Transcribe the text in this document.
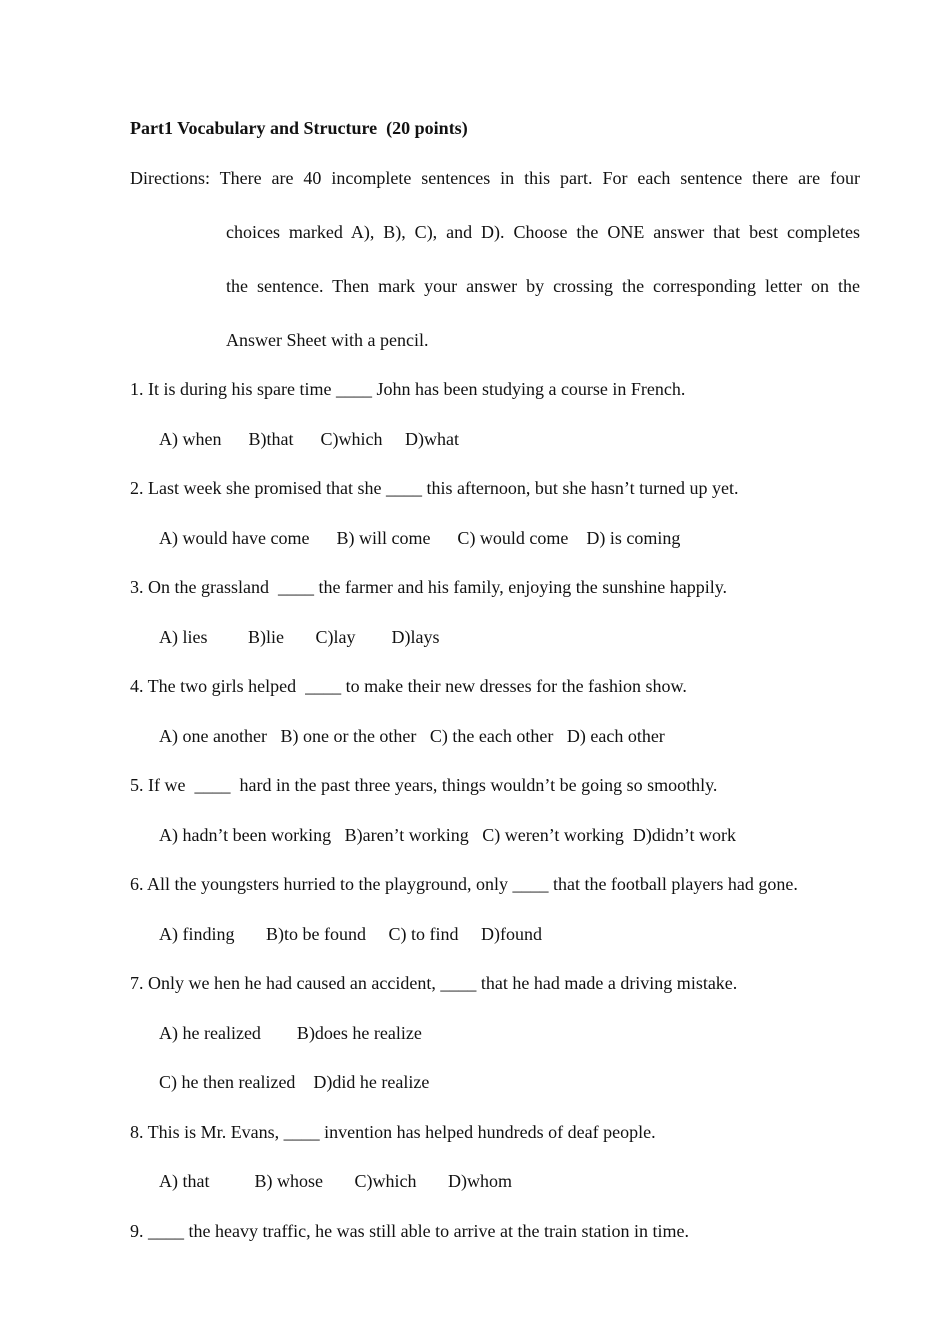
Part1 Vocabulary and Structure  (20 points)
Directions: There are 40 incomplete sentences in this part. For each sentence there are four
choices marked A), B), C), and D). Choose the ONE answer that best completes
the sentence. Then mark your answer by crossing the corresponding letter on the
Answer Sheet with a pencil.
1. It is during his spare time ____ John has been studying a course in French.
A) when      B)that      C)which     D)what
2. Last week she promised that she ____ this afternoon, but she hasn’t turned up yet.
A) would have come      B) will come      C) would come    D) is coming
3. On the grassland  ____ the farmer and his family, enjoying the sunshine happily.
A) lies         B)lie       C)lay        D)lays
4. The two girls helped  ____ to make their new dresses for the fashion show.
A) one another   B) one or the other   C) the each other   D) each other
5. If we  ____  hard in the past three years, things wouldn’t be going so smoothly.
A) hadn’t been working   B)aren’t working   C) weren’t working  D)didn’t work
6. All the youngsters hurried to the playground, only ____ that the football players had gone.
A) finding       B)to be found     C) to find     D)found
7. Only we hen he had caused an accident, ____ that he had made a driving mistake.
A) he realized        B)does he realize
C) he then realized    D)did he realize
8. This is Mr. Evans, ____ invention has helped hundreds of deaf people.
A) that          B) whose       C)which       D)whom
9. ____ the heavy traffic, he was still able to arrive at the train station in time.
